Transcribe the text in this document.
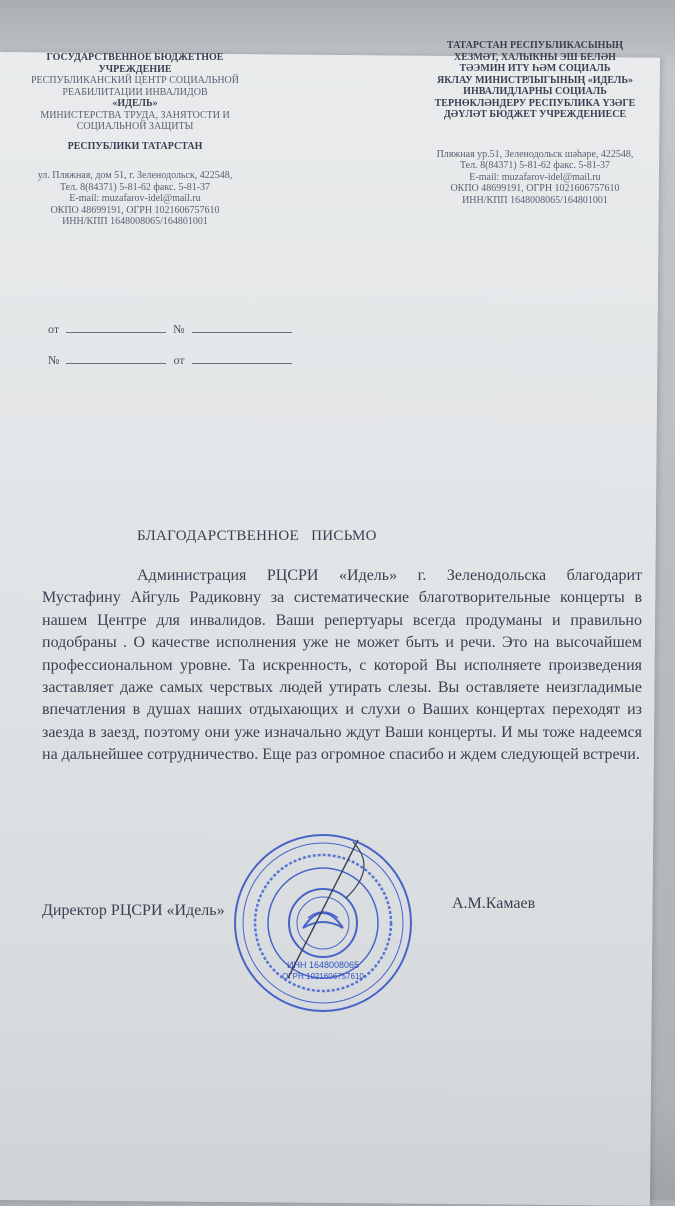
ГОСУДАРСТВЕННОЕ БЮДЖЕТНОЕ
УЧРЕЖДЕНИЕ
РЕСПУБЛИКАНСКИЙ ЦЕНТР СОЦИАЛЬНОЙ
РЕАБИЛИТАЦИИ ИНВАЛИДОВ
«ИДЕЛЬ»
МИНИСТЕРСТВА ТРУДА, ЗАНЯТОСТИ И
СОЦИАЛЬНОЙ ЗАЩИТЫ
РЕСПУБЛИКИ ТАТАРСТАН
ул. Пляжная, дом 51, г. Зеленодольск, 422548,
Тел. 8(84371) 5-81-62 факс. 5-81-37
E-mail: muzafarov-idel@mail.ru
ОКПО 48699191, ОГРН 1021606757610
ИНН/КПП 1648008065/164801001
ТАТАРСТАН РЕСПУБЛИКАСЫНЫҢ
ХЕЗМӘТ, ХАЛЫКНЫ ЭШ БЕЛӘН
ТӘЭМИН ИТҮ ҺӘМ СОЦИАЛЬ
ЯКЛАУ МИНИСТРЛЫГЫНЫҢ «ИДЕЛЬ»
ИНВАЛИДЛАРНЫ СОЦИАЛЬ
ТЕРНӨКЛӘНДЕРУ РЕСПУБЛИКА ҮЗӘГЕ
ДӘҮЛӘТ БЮДЖЕТ УЧРЕЖДЕНИЕСЕ
Пляжная ур.51, Зеленодольск шәһәре, 422548,
Тел. 8(84371) 5-81-62 факс. 5-81-37
E-mail: muzafarov-idel@mail.ru
ОКПО 48699191, ОГРН 1021606757610
ИНН/КПП 1648008065/164801001
от	№
№	от
БЛАГОДАРСТВЕННОЕ   ПИСЬМО

Администрация РЦСРИ «Идель» г. Зеленодольска благодарит Мустафину Айгуль Радиковну за систематические благотворительные концерты в нашем Центре для инвалидов. Ваши репертуары всегда продуманы и правильно подобраны . О качестве исполнения уже не может быть и речи. Это на высочайшем профессиональном уровне. Та искренность, с которой Вы исполняете произведения заставляет даже самых черствых людей утирать слезы. Вы оставляете неизгладимые впечатления в душах наших отдыхающих и слухи о Ваших концертах переходят из заезда в заезд, поэтому они уже изначально ждут Ваши концерты. И мы тоже надеемся на дальнейшее сотрудничество. Еще раз огромное спасибо и ждем следующей встречи.

ИНН 1648008065
ОГРН 1021606757610
Директор РЦСРИ «Идель»	А.М.Камаев
